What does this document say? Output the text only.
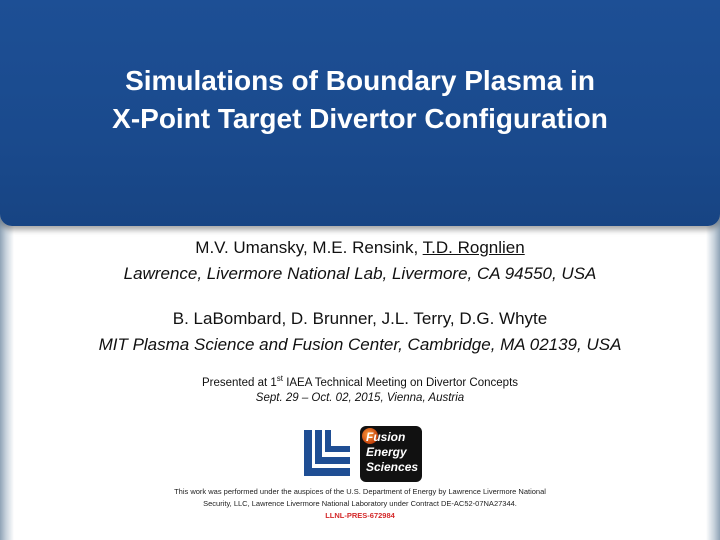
Simulations of Boundary Plasma in
X-Point Target Divertor Configuration
M.V. Umansky, M.E. Rensink, T.D. Rognlien
Lawrence, Livermore National Lab, Livermore, CA 94550, USA
B. LaBombard, D. Brunner, J.L. Terry, D.G. Whyte
MIT Plasma Science and Fusion Center, Cambridge, MA 02139, USA
Presented at 1st IAEA Technical Meeting on Divertor Concepts
Sept. 29 – Oct. 02, 2015, Vienna, Austria
Fusion
Energy
Sciences
This work was performed under the auspices of the U.S. Department of Energy by Lawrence Livermore National
Security, LLC, Lawrence Livermore National Laboratory under Contract DE-AC52-07NA27344.
LLNL-PRES-672984
